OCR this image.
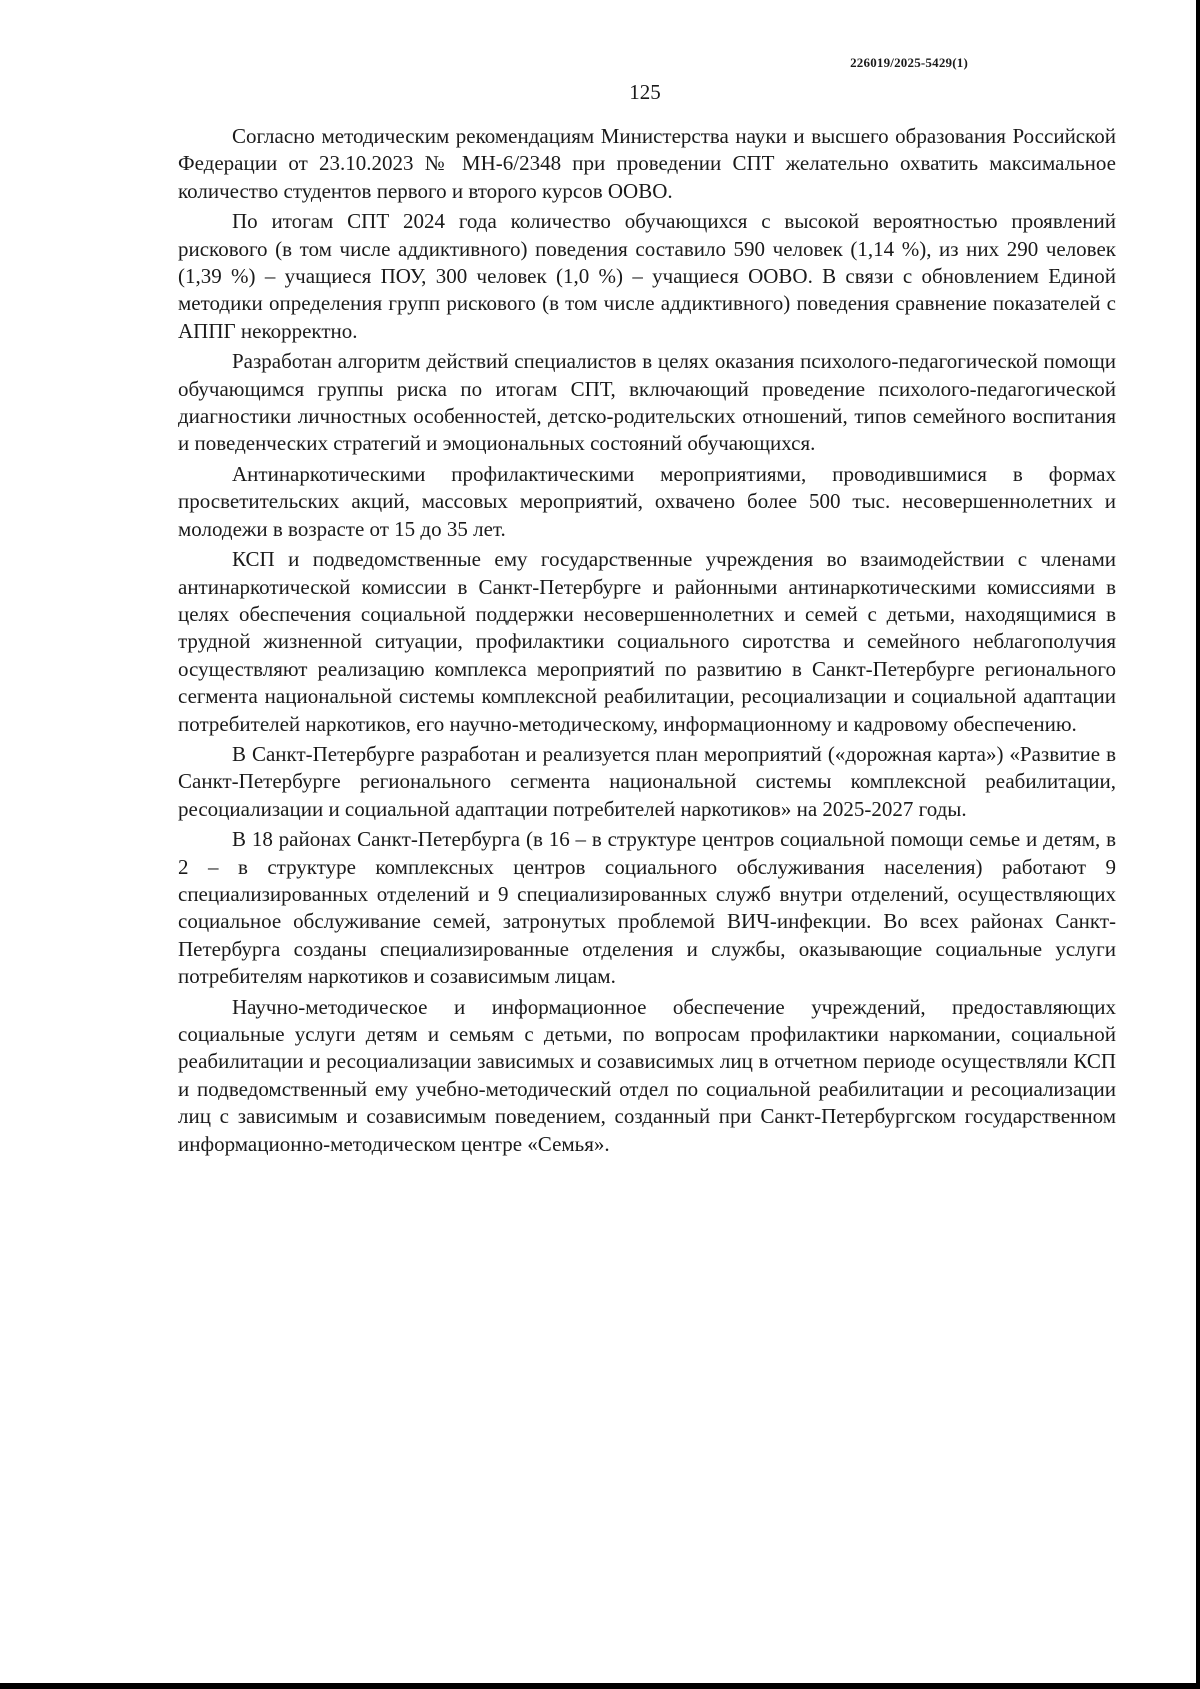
226019/2025-5429(1)
125

Согласно методическим рекомендациям Министерства науки и высшего образования Российской Федерации от 23.10.2023 № МН-6/2348 при проведении СПТ желательно охватить максимальное количество студентов первого и второго курсов ООВО.

По итогам СПТ 2024 года количество обучающихся с высокой вероятностью проявлений рискового (в том числе аддиктивного) поведения составило 590 человек (1,14 %), из них 290 человек (1,39 %) – учащиеся ПОУ, 300 человек (1,0 %) – учащиеся ООВО. В связи с обновлением Единой методики определения групп рискового (в том числе аддиктивного) поведения сравнение показателей с АППГ некорректно.

Разработан алгоритм действий специалистов в целях оказания психолого-педагогической помощи обучающимся группы риска по итогам СПТ, включающий проведение психолого-педагогической диагностики личностных особенностей, детско-родительских отношений, типов семейного воспитания и поведенческих стратегий и эмоциональных состояний обучающихся.

Антинаркотическими профилактическими мероприятиями, проводившимися в формах просветительских акций, массовых мероприятий, охвачено более 500 тыс. несовершеннолетних и молодежи в возрасте от 15 до 35 лет.

КСП и подведомственные ему государственные учреждения во взаимодействии с членами антинаркотической комиссии в Санкт-Петербурге и районными антинаркотическими комиссиями в целях обеспечения социальной поддержки несовершеннолетних и семей с детьми, находящимися в трудной жизненной ситуации, профилактики социального сиротства и семейного неблагополучия осуществляют реализацию комплекса мероприятий по развитию в Санкт-Петербурге регионального сегмента национальной системы комплексной реабилитации, ресоциализации и социальной адаптации потребителей наркотиков, его научно-методическому, информационному и кадровому обеспечению.

В Санкт-Петербурге разработан и реализуется план мероприятий («дорожная карта») «Развитие в Санкт-Петербурге регионального сегмента национальной системы комплексной реабилитации, ресоциализации и социальной адаптации потребителей наркотиков» на 2025-2027 годы.

В 18 районах Санкт-Петербурга (в 16 – в структуре центров социальной помощи семье и детям, в 2 – в структуре комплексных центров социального обслуживания населения) работают 9 специализированных отделений и 9 специализированных служб внутри отделений, осуществляющих социальное обслуживание семей, затронутых проблемой ВИЧ-инфекции. Во всех районах Санкт-Петербурга созданы специализированные отделения и службы, оказывающие социальные услуги потребителям наркотиков и созависимым лицам.

Научно-методическое и информационное обеспечение учреждений, предоставляющих социальные услуги детям и семьям с детьми, по вопросам профилактики наркомании, социальной реабилитации и ресоциализации зависимых и созависимых лиц в отчетном периоде осуществляли КСП и подведомственный ему учебно-методический отдел по социальной реабилитации и ресоциализации лиц с зависимым и созависимым поведением, созданный при Санкт-Петербургском государственном информационно-методическом центре «Семья».
